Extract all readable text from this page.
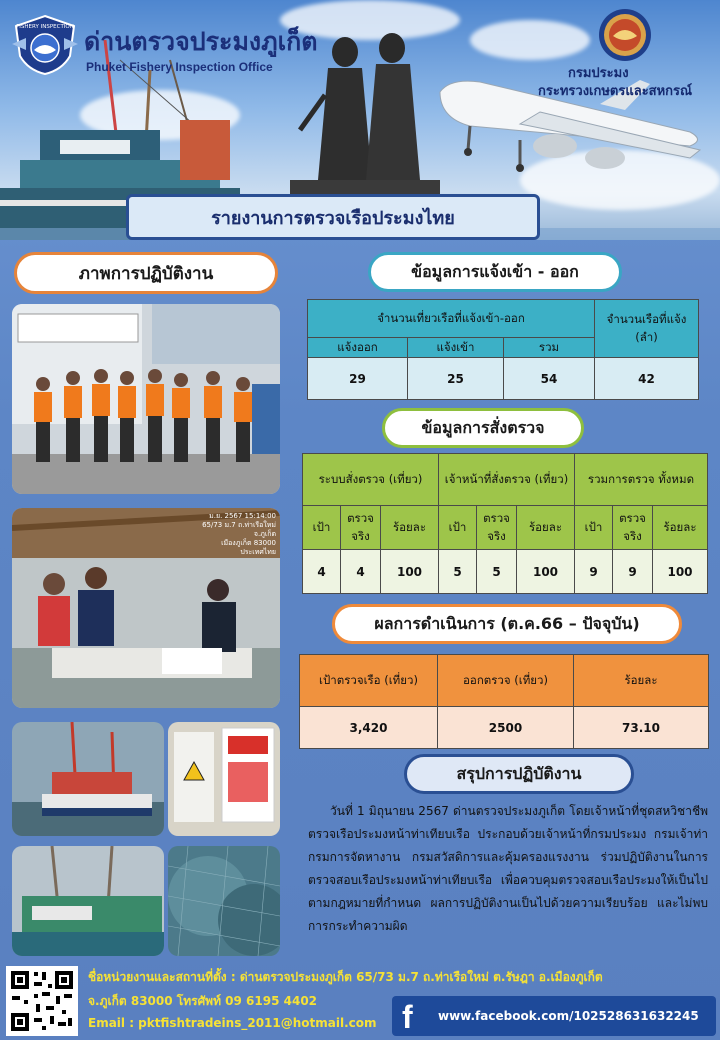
FISHERY INSPECTION ด่านตรวจประมงภูเก็ต
Phuket Fishery Inspection Office	กรมประมง
กระทรวงเกษตรและสหกรณ์
รายงานการตรวจเรือประมงไทย
ภาพการปฏิบัติงาน
ม.ย. 2567 15:14:00
65/73 ม.7 ถ.ท่าเรือใหม่
จ.ภูเก็ต
เมืองภูเก็ต 83000
ประเทศไทย
ข้อมูลการแจ้งเข้า - ออก
จำนวนเที่ยวเรือที่แจ้งเข้า-ออก			จำนวนเรือที่แจ้ง (ลำ)
แจ้งออก	แจ้งเข้า	รวม	
29	25	54	42
ข้อมูลการสั่งตรวจ
ระบบสั่งตรวจ (เที่ยว)			เจ้าหน้าที่สั่งตรวจ (เที่ยว)			รวมการตรวจ ทั้งหมด		
เป้า	ตรวจ จริง	ร้อยละ	เป้า	ตรวจ จริง	ร้อยละ	เป้า	ตรวจ จริง	ร้อยละ
4	4	100	5	5	100	9	9	100
ผลการดำเนินการ (ต.ค.66 – ปัจจุบัน)
เป้าตรวจเรือ (เที่ยว)	ออกตรวจ (เที่ยว)	ร้อยละ
3,420	2500	73.10
สรุปการปฏิบัติงาน
วันที่ 1 มิถุนายน 2567 ด่านตรวจประมงภูเก็ต โดยเจ้าหน้าที่ชุดสหวิชาชีพตรวจเรือประมงหน้าท่าเทียบเรือ ประกอบด้วยเจ้าหน้าที่กรมประมง กรมเจ้าท่า กรมการจัดหางาน กรมสวัสดิการและคุ้มครองแรงงาน ร่วมปฏิบัติงานในการตรวจสอบเรือประมงหน้าท่าเทียบเรือ เพื่อควบคุมตรวจสอบเรือประมงให้เป็นไปตามกฎหมายที่กำหนด ผลการปฏิบัติงานเป็นไปด้วยความเรียบร้อย และไม่พบการกระทำความผิด
ชื่อหน่วยงานและสถานที่ตั้ง : ด่านตรวจประมงภูเก็ต 65/73 ม.7 ถ.ท่าเรือใหม่ ต.รัษฎา อ.เมืองภูเก็ต
จ.ภูเก็ต 83000 โทรศัพท์ 09 6195 4402
Email : pktfishtradeins_2011@hotmail.com f	www.facebook.com/102528631632245
